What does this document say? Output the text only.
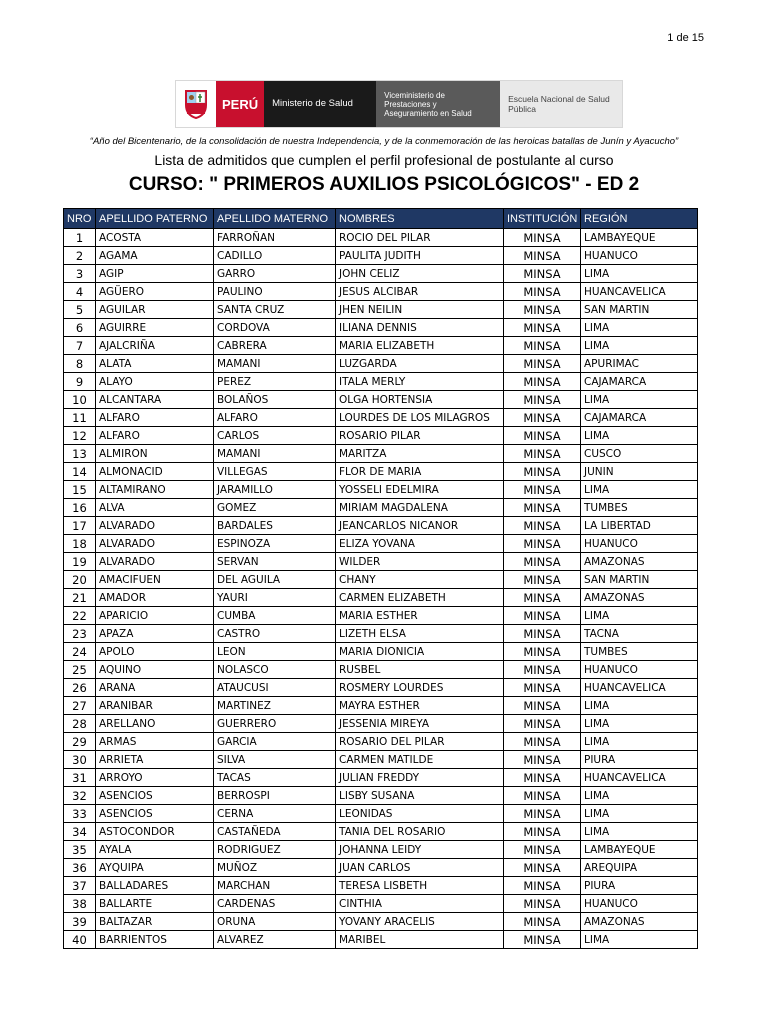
1 de 15
PERÚ	Ministerio de Salud
Viceministerio de Prestaciones y Aseguramiento en Salud
Escuela Nacional de Salud Pública
“Año del Bicentenario, de la consolidación de nuestra Independencia, y de la conmemoración de las heroicas batallas de Junín y Ayacucho”
Lista de admitidos que cumplen el perfil profesional de postulante al curso
CURSO: " PRIMEROS AUXILIOS PSICOLÓGICOS" - ED 2
NRO	APELLIDO PATERNO	APELLIDO MATERNO	NOMBRES	INSTITUCIÓN	REGIÓN
1	ACOSTA	FARROÑAN	ROCIO DEL PILAR	MINSA	LAMBAYEQUE
2	AGAMA	CADILLO	PAULITA JUDITH	MINSA	HUANUCO
3	AGIP	GARRO	JOHN CELIZ	MINSA	LIMA
4	AGÜERO	PAULINO	JESUS ALCIBAR	MINSA	HUANCAVELICA
5	AGUILAR	SANTA CRUZ	JHEN NEILIN	MINSA	SAN MARTIN
6	AGUIRRE	CORDOVA	ILIANA DENNIS	MINSA	LIMA
7	AJALCRIÑA	CABRERA	MARIA ELIZABETH	MINSA	LIMA
8	ALATA	MAMANI	LUZGARDA	MINSA	APURIMAC
9	ALAYO	PEREZ	ITALA MERLY	MINSA	CAJAMARCA
10	ALCANTARA	BOLAÑOS	OLGA HORTENSIA	MINSA	LIMA
11	ALFARO	ALFARO	LOURDES DE LOS MILAGROS	MINSA	CAJAMARCA
12	ALFARO	CARLOS	ROSARIO PILAR	MINSA	LIMA
13	ALMIRON	MAMANI	MARITZA	MINSA	CUSCO
14	ALMONACID	VILLEGAS	FLOR DE MARIA	MINSA	JUNIN
15	ALTAMIRANO	JARAMILLO	YOSSELI EDELMIRA	MINSA	LIMA
16	ALVA	GOMEZ	MIRIAM MAGDALENA	MINSA	TUMBES
17	ALVARADO	BARDALES	JEANCARLOS NICANOR	MINSA	LA LIBERTAD
18	ALVARADO	ESPINOZA	ELIZA YOVANA	MINSA	HUANUCO
19	ALVARADO	SERVAN	WILDER	MINSA	AMAZONAS
20	AMACIFUEN	DEL AGUILA	CHANY	MINSA	SAN MARTIN
21	AMADOR	YAURI	CARMEN ELIZABETH	MINSA	AMAZONAS
22	APARICIO	CUMBA	MARIA ESTHER	MINSA	LIMA
23	APAZA	CASTRO	LIZETH ELSA	MINSA	TACNA
24	APOLO	LEON	MARIA DIONICIA	MINSA	TUMBES
25	AQUINO	NOLASCO	RUSBEL	MINSA	HUANUCO
26	ARANA	ATAUCUSI	ROSMERY LOURDES	MINSA	HUANCAVELICA
27	ARANIBAR	MARTINEZ	MAYRA ESTHER	MINSA	LIMA
28	ARELLANO	GUERRERO	JESSENIA MIREYA	MINSA	LIMA
29	ARMAS	GARCIA	ROSARIO DEL PILAR	MINSA	LIMA
30	ARRIETA	SILVA	CARMEN MATILDE	MINSA	PIURA
31	ARROYO	TACAS	JULIAN FREDDY	MINSA	HUANCAVELICA
32	ASENCIOS	BERROSPI	LISBY SUSANA	MINSA	LIMA
33	ASENCIOS	CERNA	LEONIDAS	MINSA	LIMA
34	ASTOCONDOR	CASTAÑEDA	TANIA DEL ROSARIO	MINSA	LIMA
35	AYALA	RODRIGUEZ	JOHANNA LEIDY	MINSA	LAMBAYEQUE
36	AYQUIPA	MUÑOZ	JUAN CARLOS	MINSA	AREQUIPA
37	BALLADARES	MARCHAN	TERESA LISBETH	MINSA	PIURA
38	BALLARTE	CARDENAS	CINTHIA	MINSA	HUANUCO
39	BALTAZAR	ORUNA	YOVANY ARACELIS	MINSA	AMAZONAS
40	BARRIENTOS	ALVAREZ	MARIBEL	MINSA	LIMA
